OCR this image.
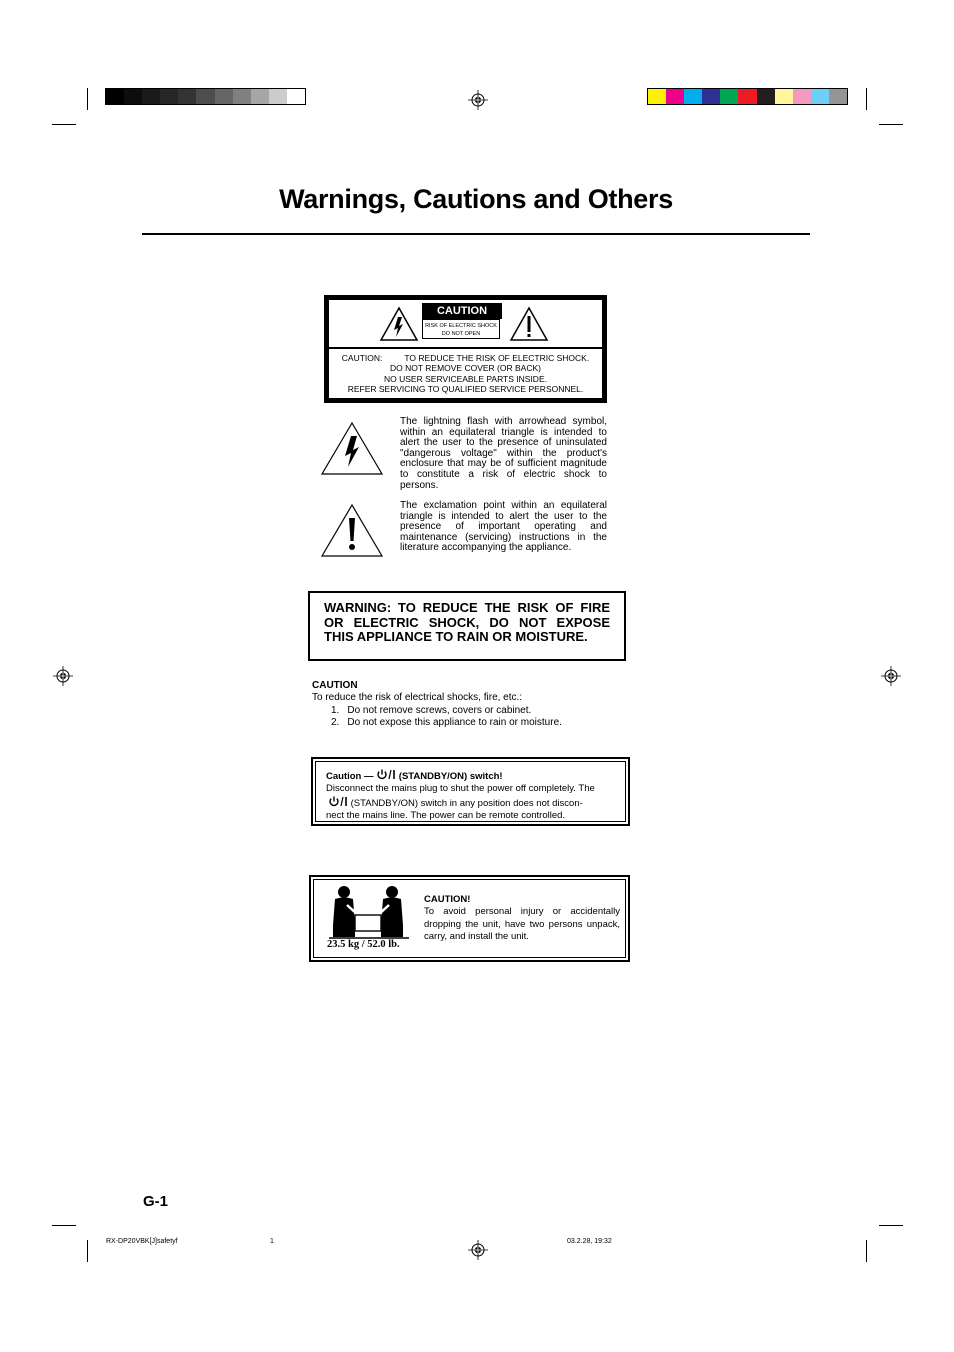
Warnings, Cautions and Others
CAUTION
RISK OF ELECTRIC SHOCK
DO NOT OPEN
CAUTION:	TO REDUCE THE RISK OF ELECTRIC SHOCK.
DO NOT REMOVE COVER (OR BACK)
NO USER SERVICEABLE PARTS INSIDE.
REFER SERVICING TO QUALIFIED SERVICE PERSONNEL.
The lightning flash with arrowhead symbol, within an equilateral triangle is intended to alert the user to the presence of uninsulated "dangerous voltage" within the product's enclosure that may be of sufficient magnitude to constitute a risk of electric shock to persons.
The exclamation point within an equilateral triangle is intended to alert the user to the presence of important operating and maintenance (servicing) instructions in the literature accompanying the appliance.
WARNING: TO REDUCE THE RISK OF FIRE OR ELECTRIC SHOCK, DO NOT EXPOSE THIS APPLIANCE TO RAIN OR MOISTURE.
CAUTION
To reduce the risk of electrical shocks, fire, etc.:
1. Do not remove screws, covers or cabinet.
2. Do not expose this appliance to rain or moisture.
Caution —	(STANDBY/ON) switch!
Disconnect the mains plug to shut the power off completely. The
(STANDBY/ON) switch in any position does not discon-
nect the mains line. The power can be remote controlled.
23.5 kg / 52.0 lb.
CAUTION!
To avoid personal injury or accidentally dropping the unit, have two persons unpack, carry, and install the unit.
G-1
RX-DP20VBK[J]safetyf	1	03.2.28, 19:32
